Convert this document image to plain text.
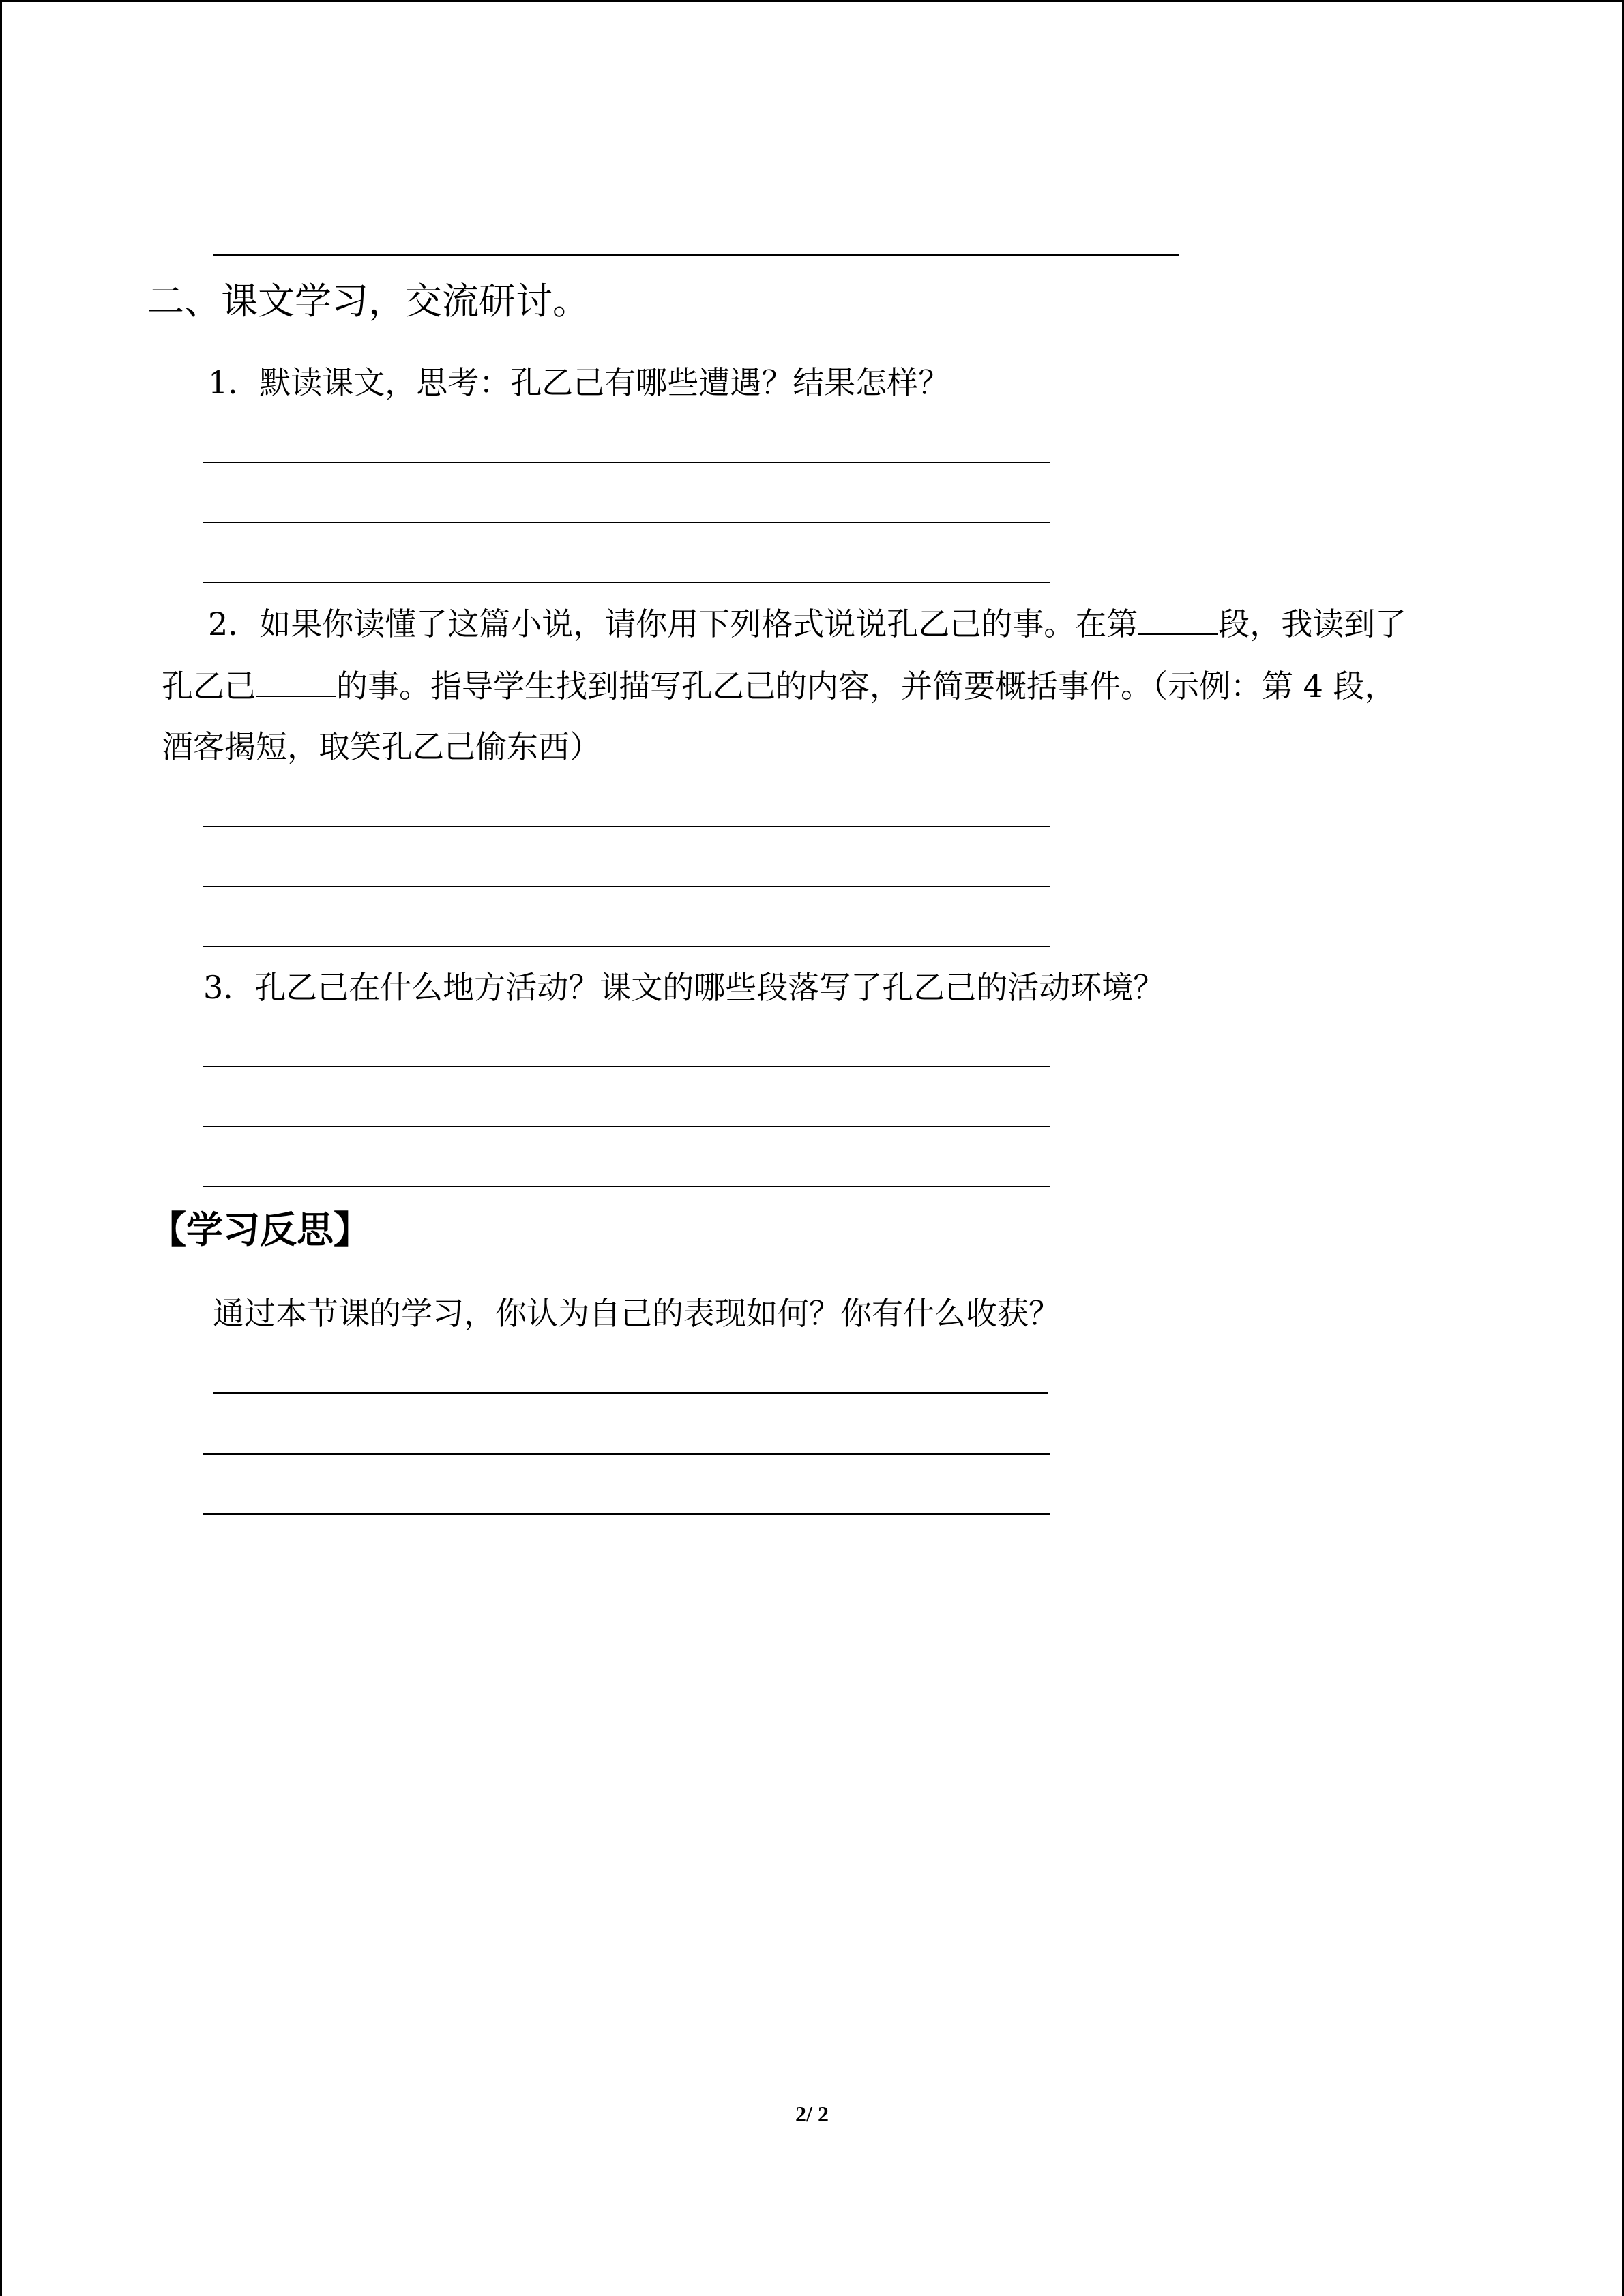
二、课文学习，交流研讨。
1．默读课文，思考：孔乙己有哪些遭遇？结果怎样？
2．如果你读懂了这篇小说，请你用下列格式说说孔乙己的事。在第	段，我读到了
孔乙己	的事。指导学生找到描写孔乙己的内容，并简要概括事件。（示例：第 4 段，
酒客揭短，取笑孔乙己偷东西）
3．孔乙己在什么地方活动？课文的哪些段落写了孔乙己的活动环境？
【学习反思】
通过本节课的学习，你认为自己的表现如何？你有什么收获？
2/ 2
